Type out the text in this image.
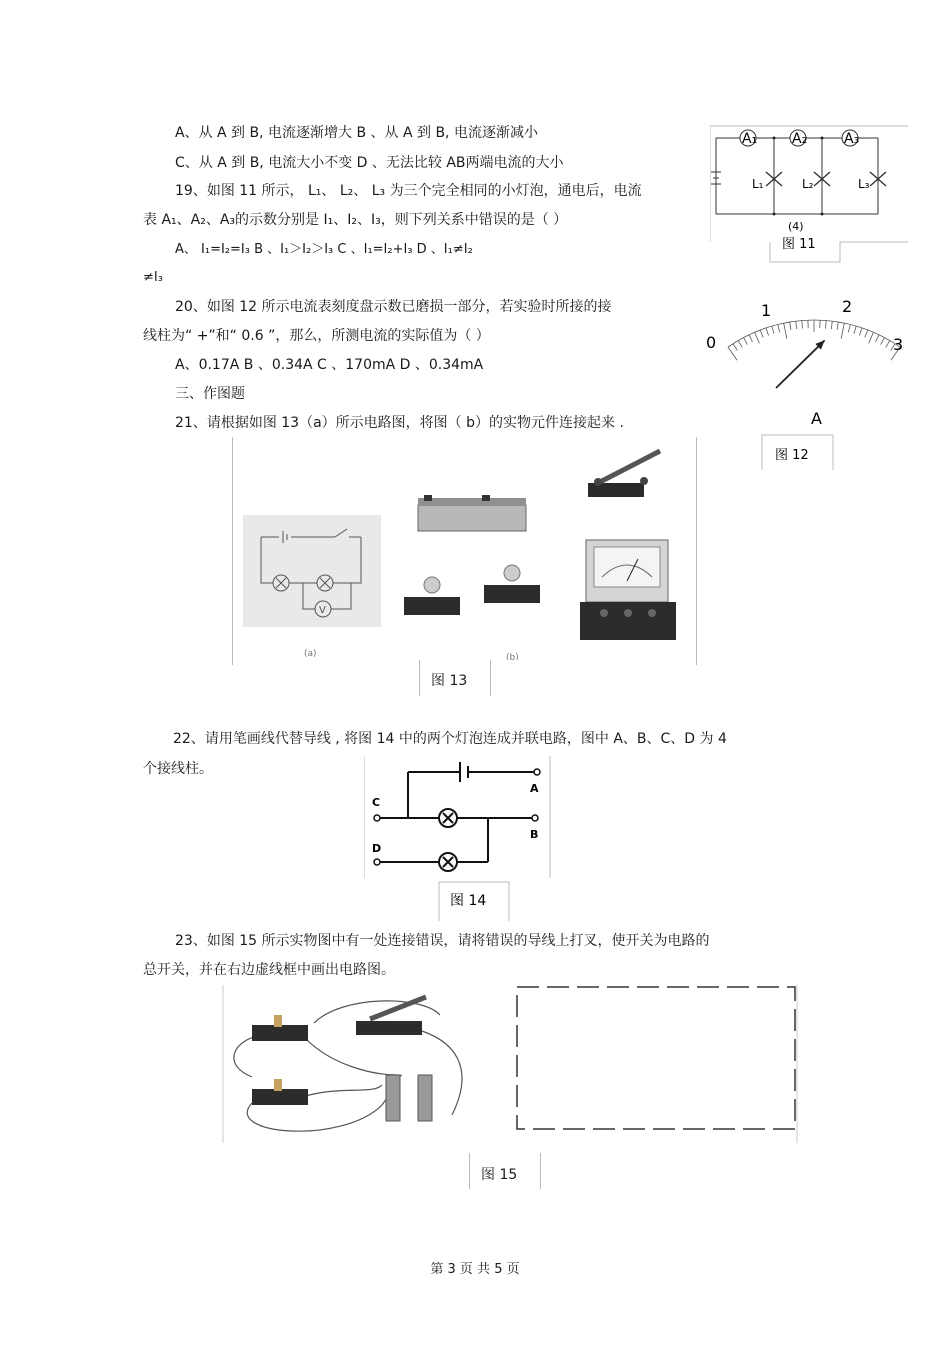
A、从 A 到 B, 电流逐渐增大 B 、从 A 到 B, 电流逐渐减小
C、从 A 到 B, 电流大小不变 D 、无法比较 AB两端电流的大小
19、如图 11 所示， L₁、 L₂、 L₃ 为三个完全相同的小灯泡，通电后，电流
表 A₁、A₂、A₃的示数分别是 I₁、I₂、I₃，则下列关系中错误的是（ ）
A、 I₁=I₂=I₃ B 、I₁＞I₂＞I₃ C 、I₁=I₂+I₃ D 、I₁≠I₂
≠I₃
20、如图 12 所示电流表刻度盘示数已磨损一部分，若实验时所接的接
线柱为“ +”和“ 0.6 ”，那么，所测电流的实际值为（ ）
A、0.17A B 、0.34A C 、170mA D 、0.34mA
三、作图题
21、请根据如图 13（a）所示电路图，将图（ b）的实物元件连接起来 .
22、请用笔画线代替导线 , 将图 14 中的两个灯泡连成并联电路，图中 A、B、C、D 为 4
个接线柱。
23、如图 15 所示实物图中有一处连接错误，请将错误的导线上打叉，使开关为电路的
总开关，并在右边虚线框中画出电路图。
A₁ A₂	A₃
L₁	L₂	L₃
(4)
图 11
0
1	2
3
A
图 12
V
(a)	(b)
图 13
A
B
C
D
图 14
图 15
第 3 页 共 5 页
